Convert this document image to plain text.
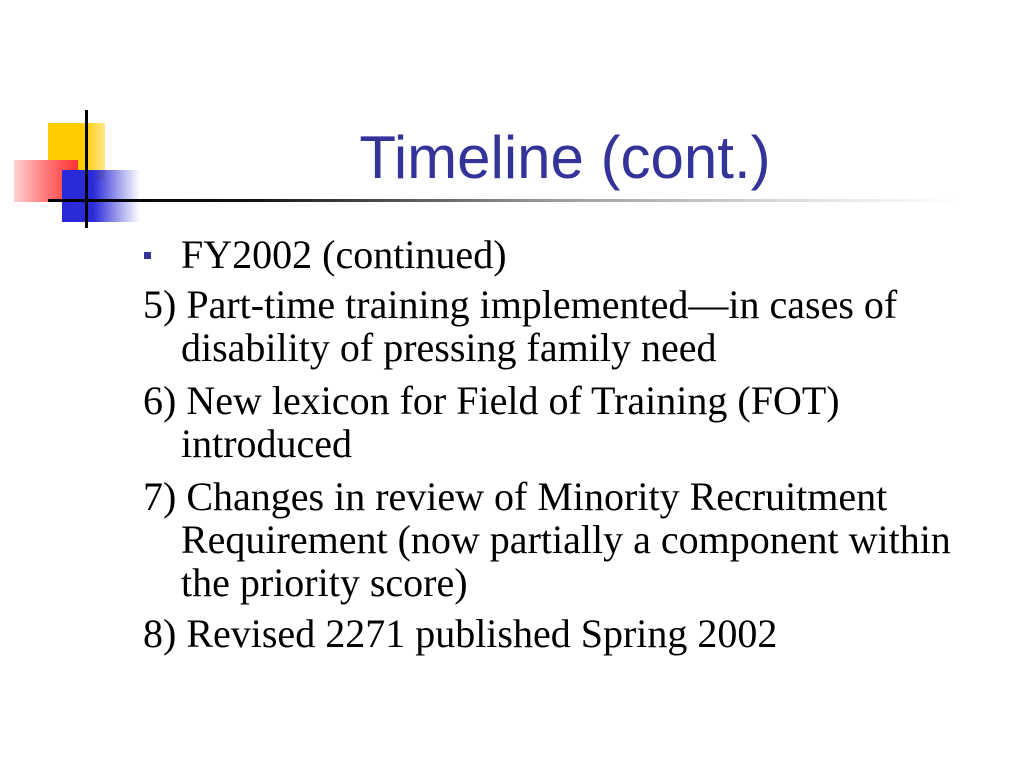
Timeline (cont.)
FY2002 (continued)
5) Part-time training implemented—in cases of
disability of pressing family need
6) New lexicon for Field of Training (FOT)
introduced
7) Changes in review of Minority Recruitment
Requirement (now partially a component within
the priority score)
8) Revised 2271 published Spring 2002
